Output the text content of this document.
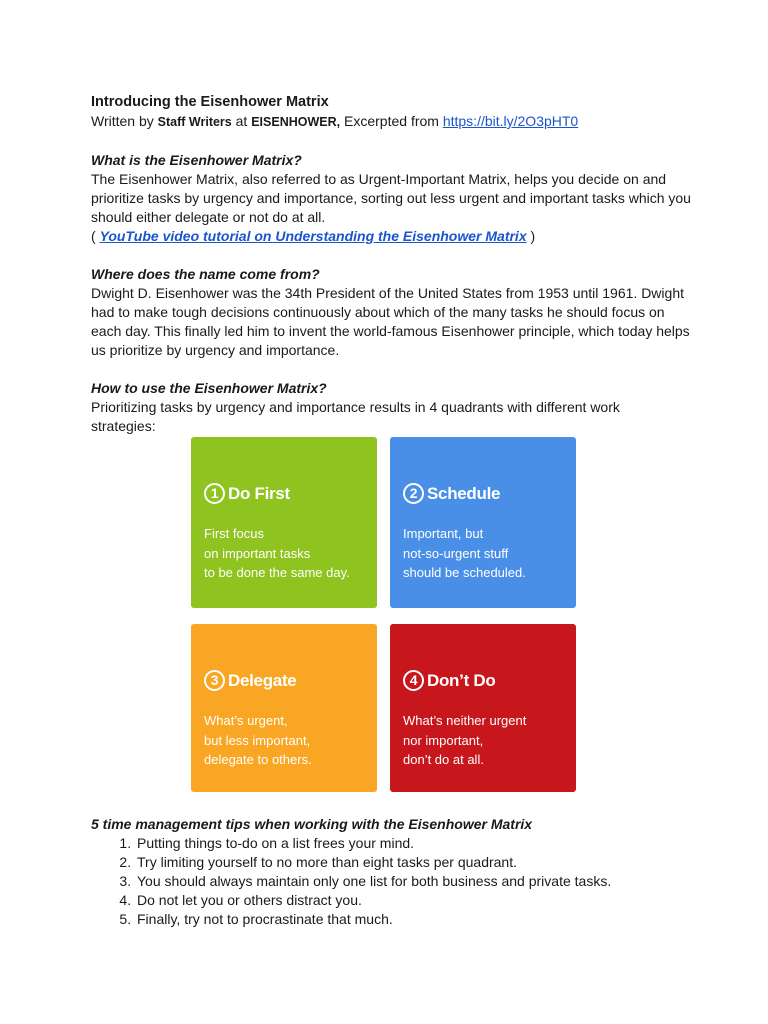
Introducing the Eisenhower Matrix

Written by Staff Writers at EISENHOWER, Excerpted from https://bit.ly/2O3pHT0

What is the Eisenhower Matrix?

The Eisenhower Matrix, also referred to as Urgent-Important Matrix, helps you decide on and prioritize tasks by urgency and importance, sorting out less urgent and important tasks which you should either delegate or not do at all.

( YouTube video tutorial on Understanding the Eisenhower Matrix )

Where does the name come from?

Dwight D. Eisenhower was the 34th President of the United States from 1953 until 1961. Dwight had to make tough decisions continuously about which of the many tasks he should focus on each day. This finally led him to invent the world-famous Eisenhower principle, which today helps us prioritize by urgency and importance.

How to use the Eisenhower Matrix?

Prioritizing tasks by urgency and importance results in 4 quadrants with different work strategies:

1 Do First
First focus
on important tasks
to be done the same day.
2 Schedule
Important, but
not-so-urgent stuff
should be scheduled.
3 Delegate
What’s urgent,
but less important,
delegate to others.
4 Don’t Do
What’s neither urgent
nor important,
don’t do at all.

5 time management tips when working with the Eisenhower Matrix

1. Putting things to-do on a list frees your mind.
2. Try limiting yourself to no more than eight tasks per quadrant.
3. You should always maintain only one list for both business and private tasks.
4. Do not let you or others distract you.
5. Finally, try not to procrastinate that much.
